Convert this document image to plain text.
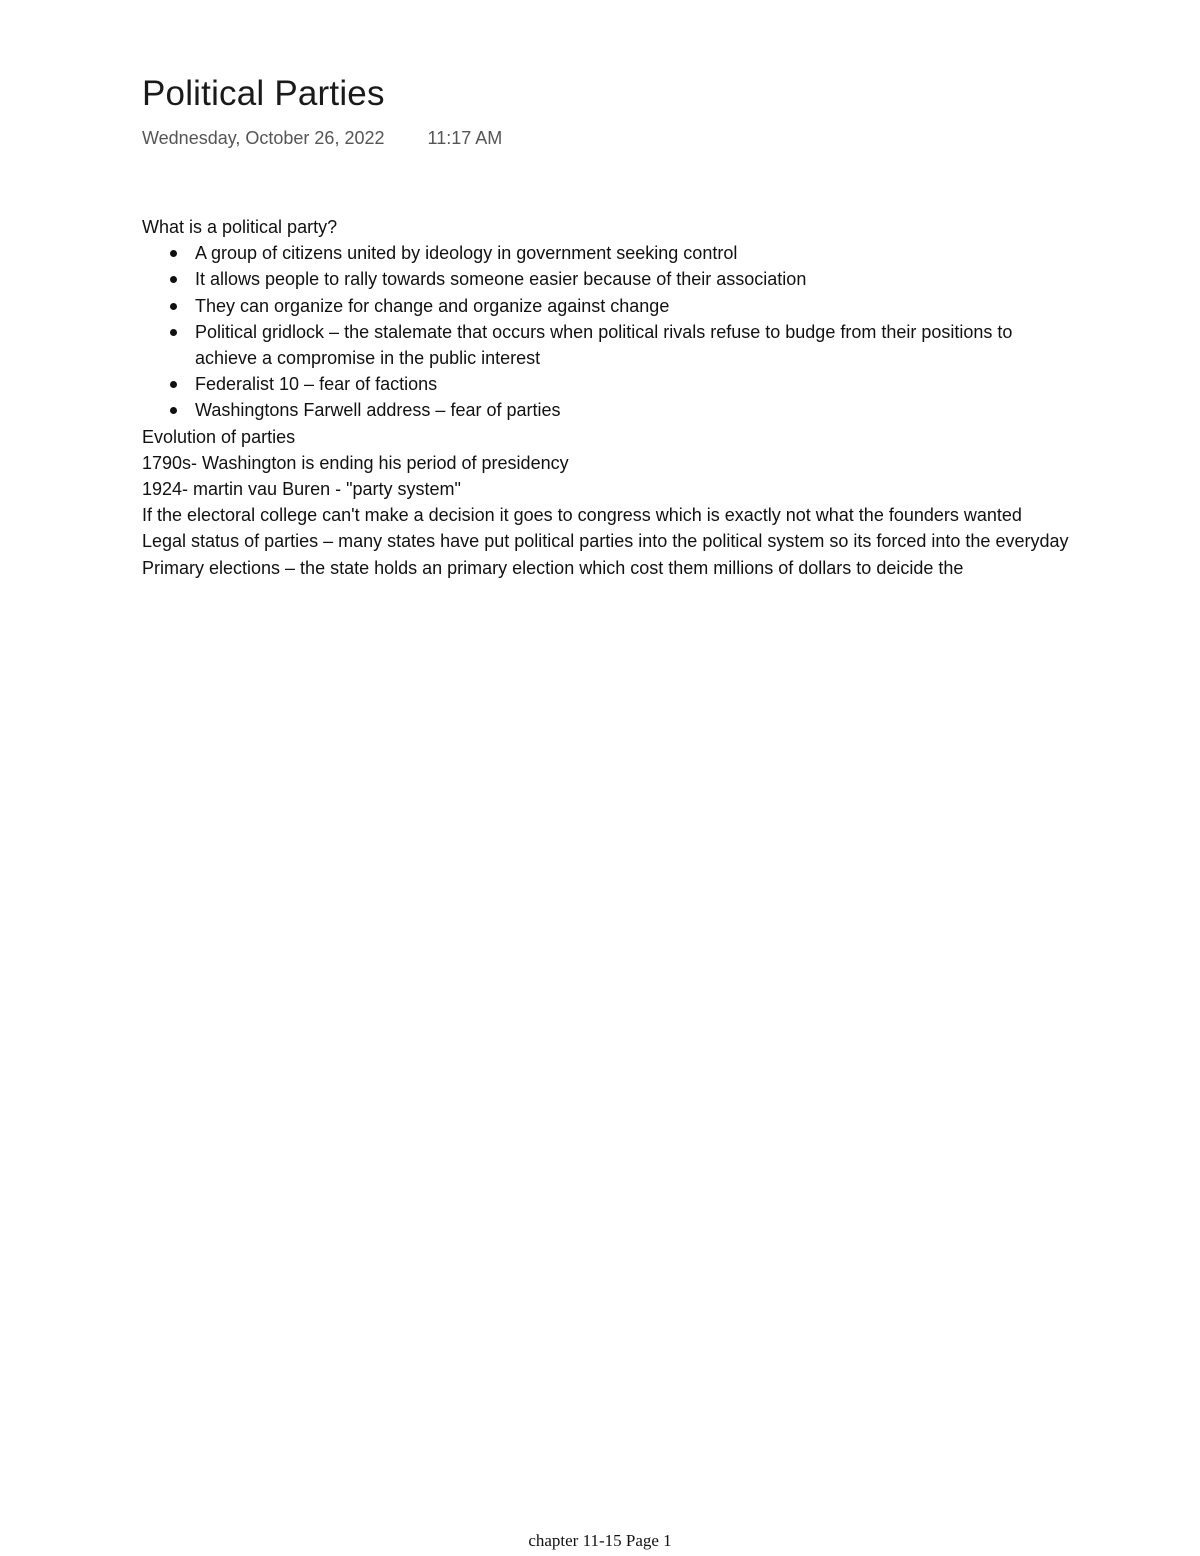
Political Parties
Wednesday, October 26, 2022 11:17 AM

What is a political party?

A group of citizens united by ideology in government seeking control
It allows people to rally towards someone easier because of their association
They can organize for change and organize against change
Political gridlock – the stalemate that occurs when political rivals refuse to budge from their positions to achieve a compromise in the public interest
Federalist 10 – fear of factions
Washingtons Farwell address – fear of parties

Evolution of parties

1790s- Washington is ending his period of presidency

1924- martin vau Buren - "party system"

If the electoral college can't make a decision it goes to congress which is exactly not what the founders wanted

Legal status of parties – many states have put political parties into the political system so its forced into the everyday

Primary elections – the state holds an primary election which cost them millions of dollars to deicide the

chapter 11-15 Page 1
